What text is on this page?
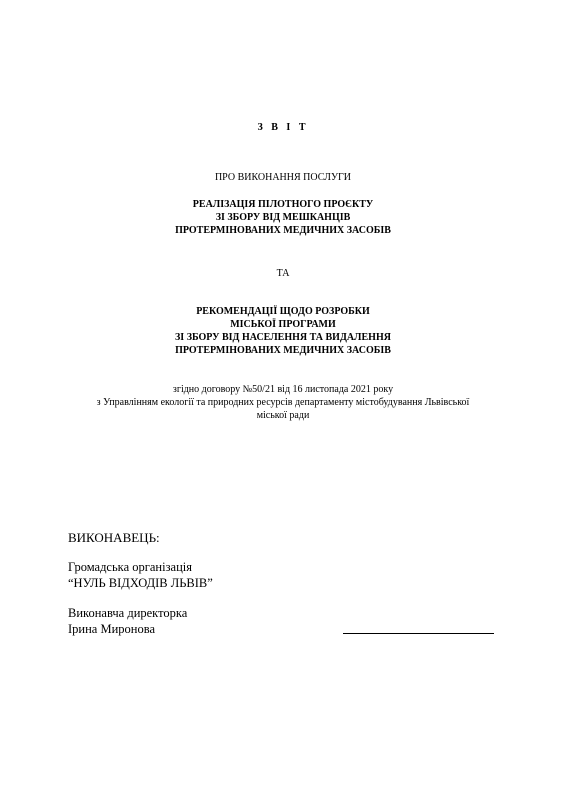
З В І Т
ПРО ВИКОНАННЯ ПОСЛУГИ
РЕАЛІЗАЦІЯ ПІЛОТНОГО ПРОЄКТУ
ЗІ ЗБОРУ ВІД МЕШКАНЦІВ
ПРОТЕРМІНОВАНИХ МЕДИЧНИХ ЗАСОБІВ
ТА
РЕКОМЕНДАЦІЇ ЩОДО РОЗРОБКИ
МІСЬКОЇ ПРОГРАМИ
ЗІ ЗБОРУ ВІД НАСЕЛЕННЯ ТА ВИДАЛЕННЯ
ПРОТЕРМІНОВАНИХ МЕДИЧНИХ ЗАСОБІВ
згідно договору №50/21 від 16 листопада 2021 року
з Управлінням екології та природних ресурсів департаменту містобудування Львівської
міської ради
ВИКОНАВЕЦЬ:
Громадська організація
“НУЛЬ ВІДХОДІВ ЛЬВІВ”
Виконавча директорка
Ірина Миронова
